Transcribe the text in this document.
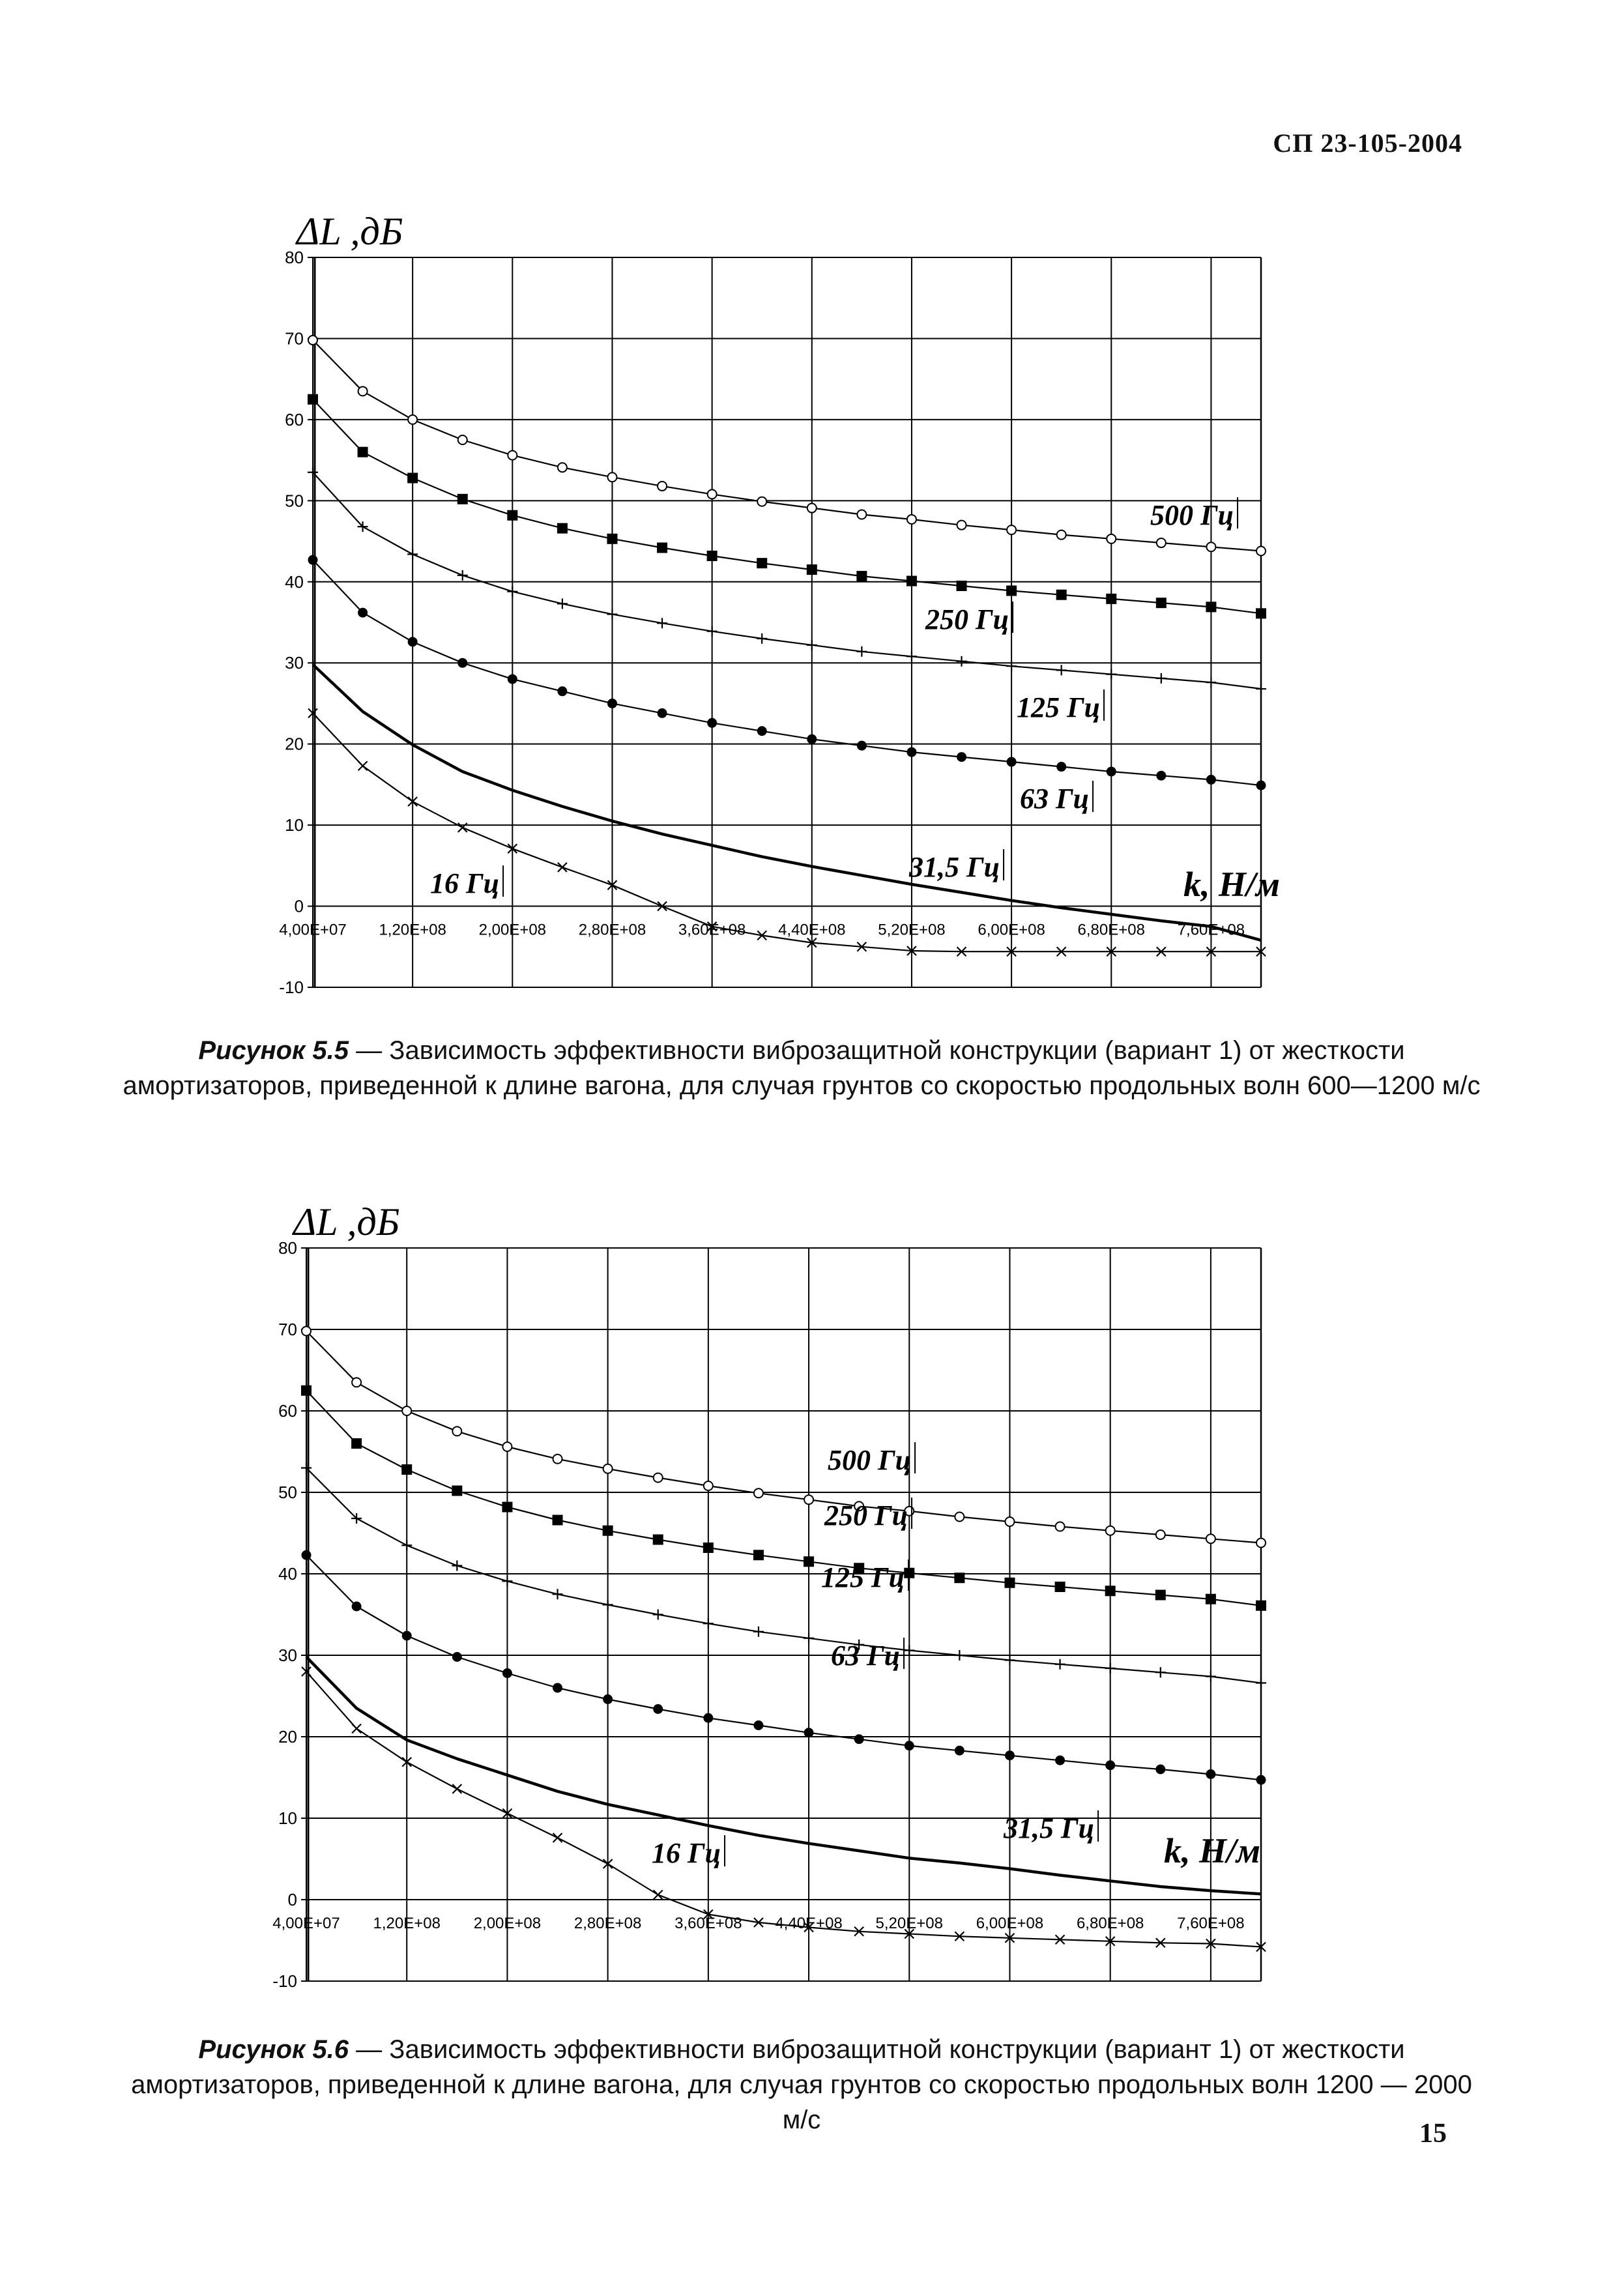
СП 23-105-2004
80
70
60
50
40
30
20
10
0
-10
4,00E+07 1,20E+08 2,00E+08 2,80E+08 3,60E+08 4,40E+08 5,20E+08 6,00E+08 6,80E+08 7,60E+08
ΔL ,дБ
k, Н/м
500 Гц
250 Гц
125 Гц
63 Гц
31,5 Гц
16 Гц
Рисунок 5.5 — Зависимость эффективности виброзащитной конструкции (вариант 1) от жесткости амортизаторов, приведенной к длине вагона, для случая грунтов со скоростью продольных волн 600—1200 м/с
80
70
60
50
40
30
20
10
0
-10
4,00E+07 1,20E+08 2,00E+08 2,80E+08 3,60E+08 4,40E+08 5,20E+08 6,00E+08 6,80E+08 7,60E+08
ΔL ,дБ
k, Н/м
500 Гц
250 Гц
125 Гц
63 Гц
31,5 Гц
16 Гц
Рисунок 5.6 — Зависимость эффективности виброзащитной конструкции (вариант 1) от жесткости амортизаторов, приведенной к длине вагона, для случая грунтов со скоростью продольных волн 1200 — 2000 м/с	15
